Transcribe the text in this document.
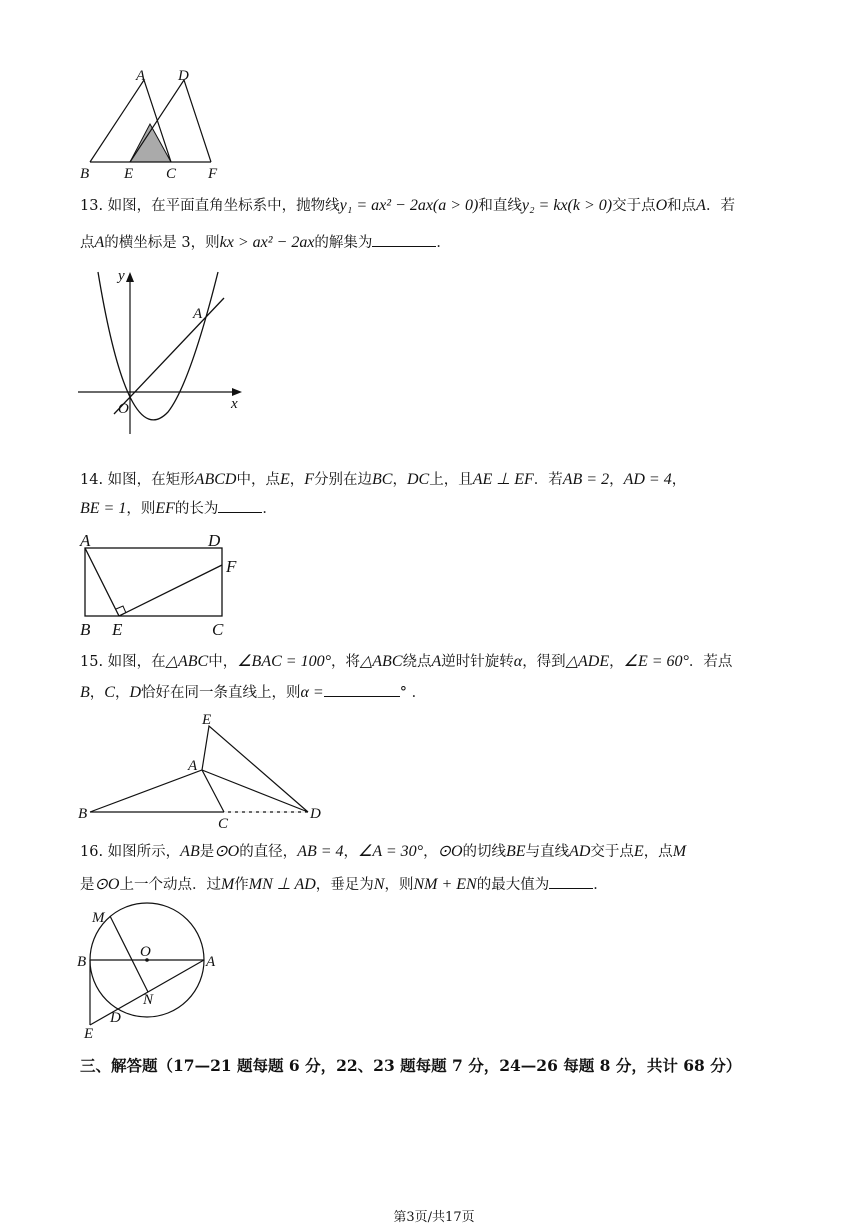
A D
B E C F
13. 如图，在平面直角坐标系中，抛物线y₁ = ax² − 2ax(a > 0)和直线y₂ = kx(k > 0)交于点O和点A．若
点A的横坐标是 3，则kx > ax² − 2ax的解集为	．
y
x
O
A
14. 如图，在矩形ABCD中，点E，F分别在边BC，DC上，且AE ⊥ EF．若AB = 2，AD = 4，
BE = 1，则EF的长为	．
A	D
F
B E	C
15. 如图，在△ABC中，∠BAC = 100°，将△ABC绕点A逆时针旋转α，得到△ADE，∠E = 60°．若点
B，C，D恰好在同一条直线上，则α =	° ．
E
A
B
C
D
16. 如图所示，AB是⊙O的直径，AB = 4，∠A = 30°，⊙O的切线BE与直线AD交于点E，点M
是⊙O上一个动点．过M作MN ⊥ AD，垂足为N，则NM + EN的最大值为	．
M
O
B	A
N
D
E
三、解答题（17—21 题每题 6 分，22、23 题每题 7 分，24—26 每题 8 分，共计 68 分）
第3页/共17页
